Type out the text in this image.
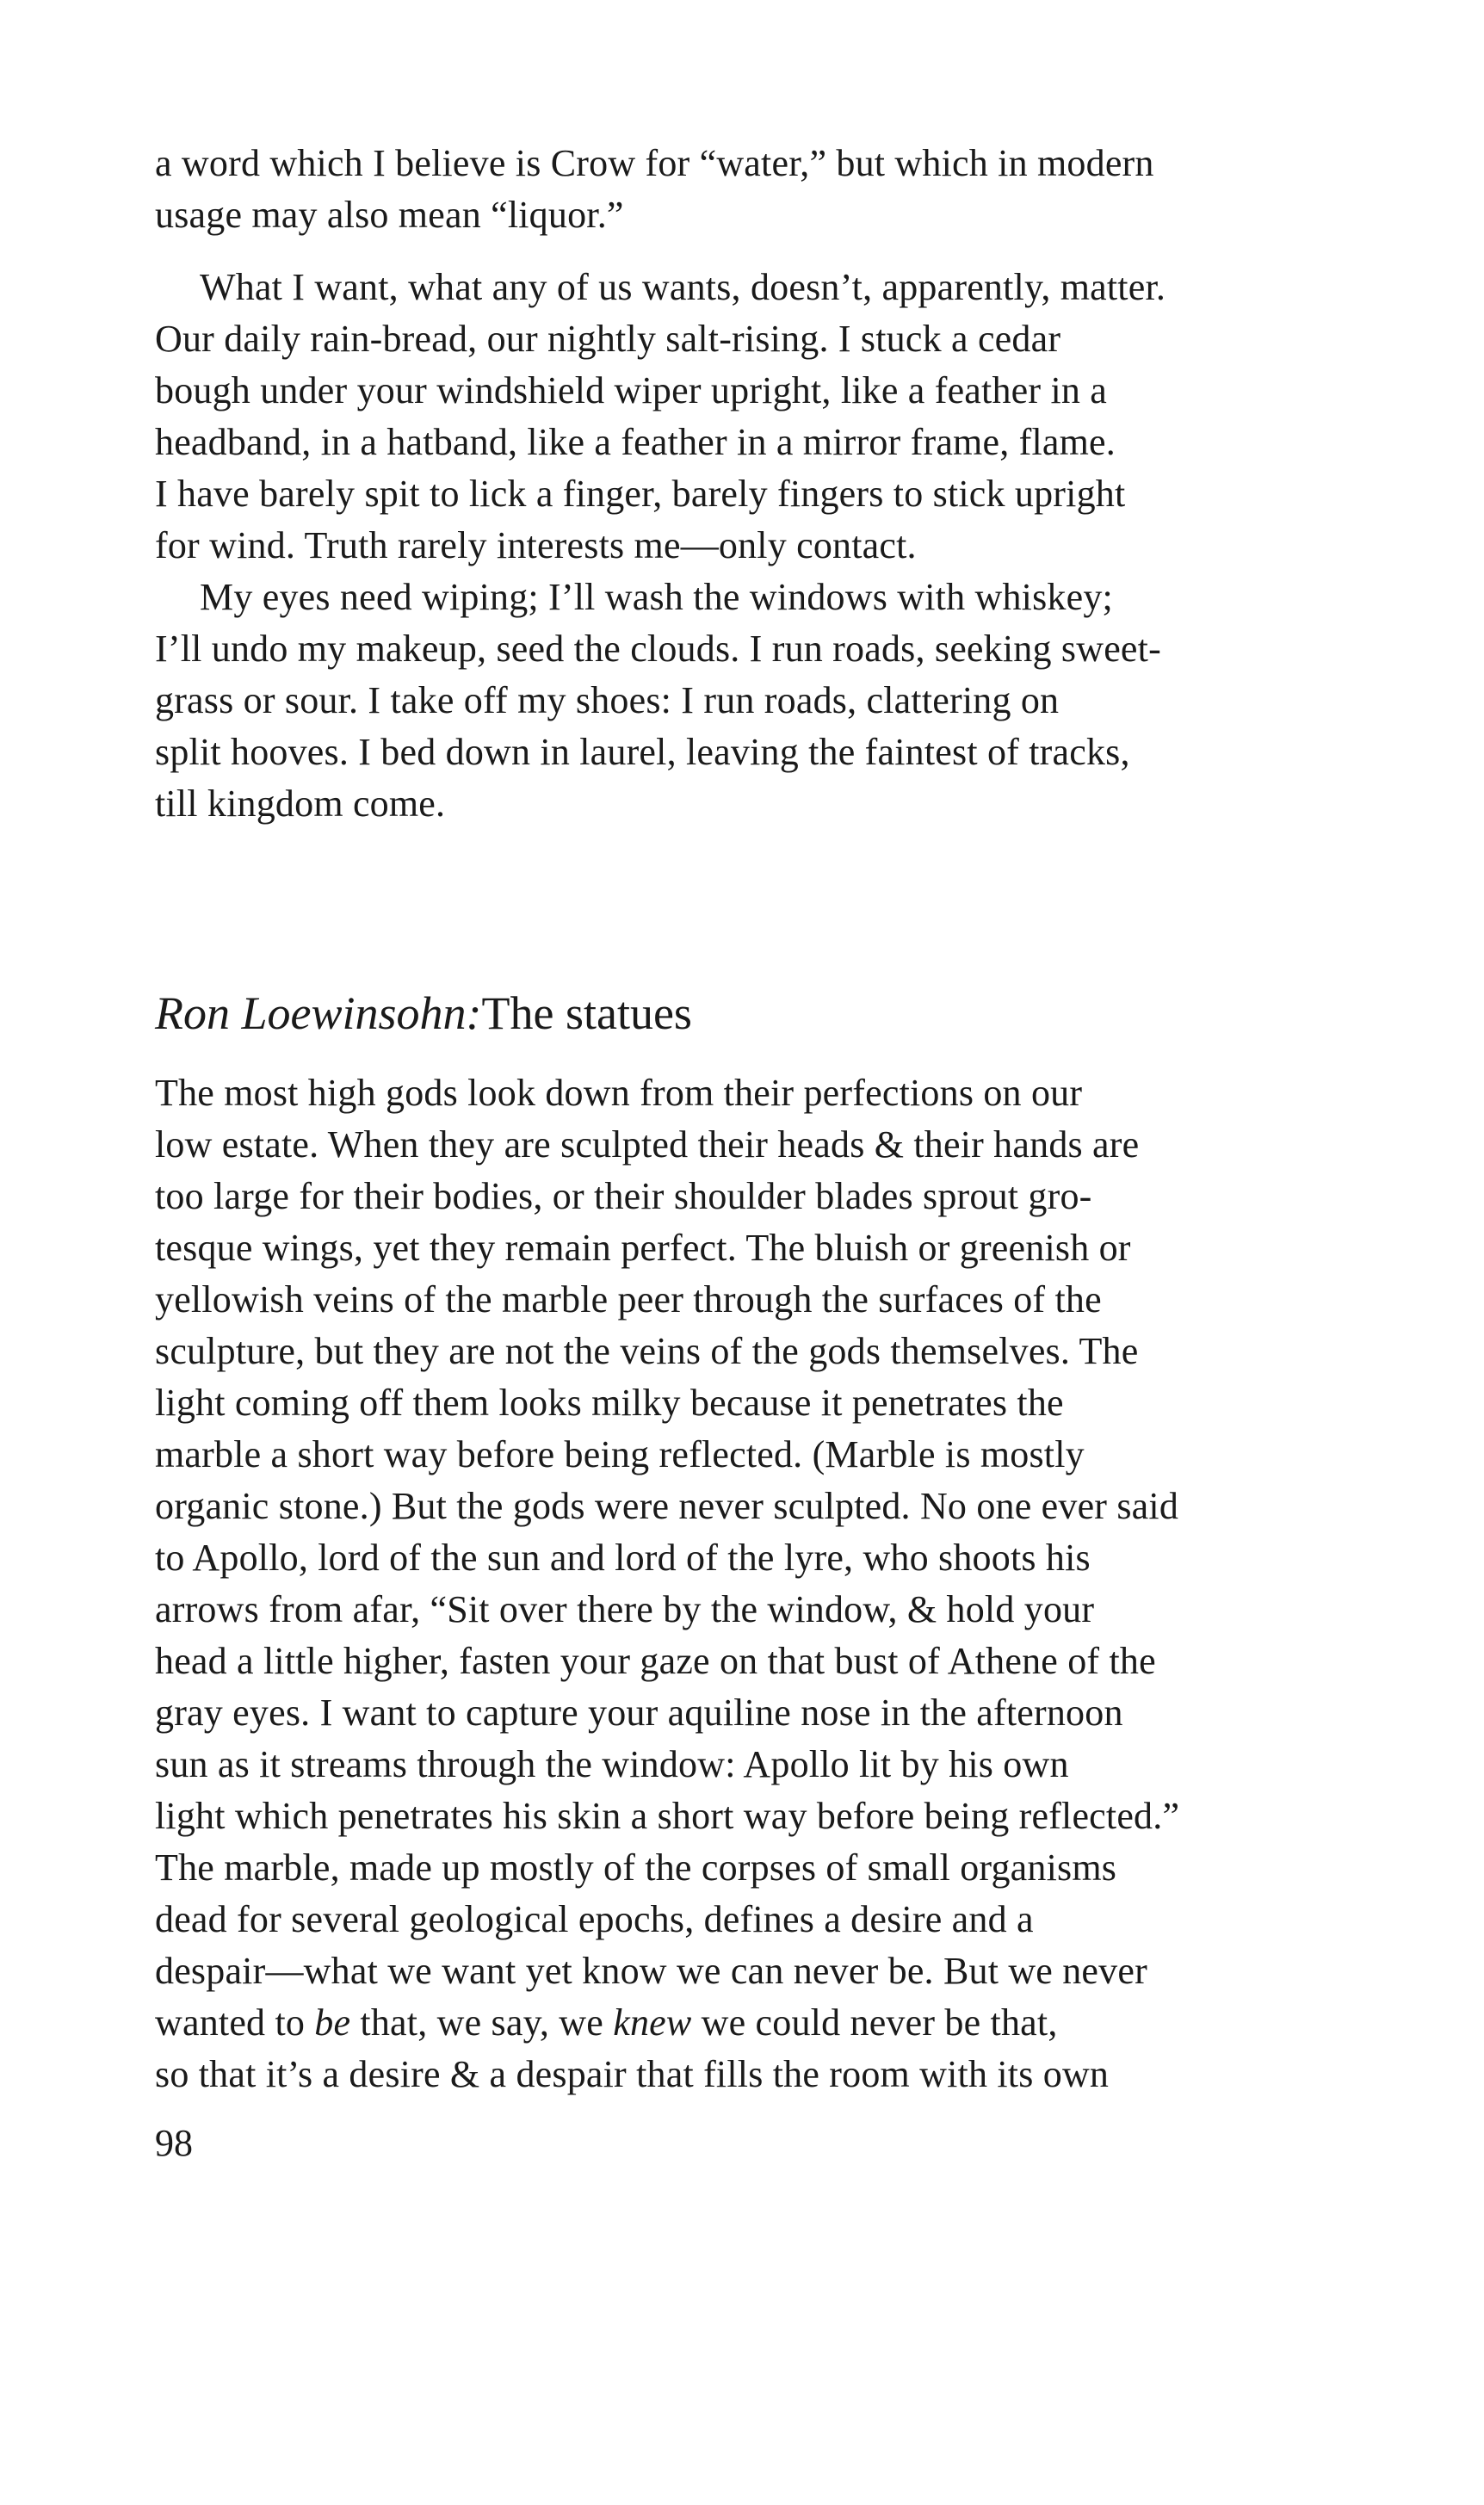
a word which I believe is Crow for “water,” but which in modern
usage may also mean “liquor.”
What I want, what any of us wants, doesn’t, apparently, matter.
Our daily rain-bread, our nightly salt-rising. I stuck a cedar
bough under your windshield wiper upright, like a feather in a
headband, in a hatband, like a feather in a mirror frame, flame.
I have barely spit to lick a finger, barely fingers to stick upright
for wind. Truth rarely interests me—only contact.
My eyes need wiping; I’ll wash the windows with whiskey;
I’ll undo my makeup, seed the clouds. I run roads, seeking sweet-
grass or sour. I take off my shoes: I run roads, clattering on
split hooves. I bed down in laurel, leaving the faintest of tracks,
till kingdom come.
Ron Loewinsohn:The statues
The most high gods look down from their perfections on our
low estate. When they are sculpted their heads & their hands are
too large for their bodies, or their shoulder blades sprout gro-
tesque wings, yet they remain perfect. The bluish or greenish or
yellowish veins of the marble peer through the surfaces of the
sculpture, but they are not the veins of the gods themselves. The
light coming off them looks milky because it penetrates the
marble a short way before being reflected. (Marble is mostly
organic stone.) But the gods were never sculpted. No one ever said
to Apollo, lord of the sun and lord of the lyre, who shoots his
arrows from afar, “Sit over there by the window, & hold your
head a little higher, fasten your gaze on that bust of Athene of the
gray eyes. I want to capture your aquiline nose in the afternoon
sun as it streams through the window: Apollo lit by his own
light which penetrates his skin a short way before being reflected.”
The marble, made up mostly of the corpses of small organisms
dead for several geological epochs, defines a desire and a
despair—what we want yet know we can never be. But we never
wanted to be that, we say, we knew we could never be that,
so that it’s a desire & a despair that fills the room with its own
98
